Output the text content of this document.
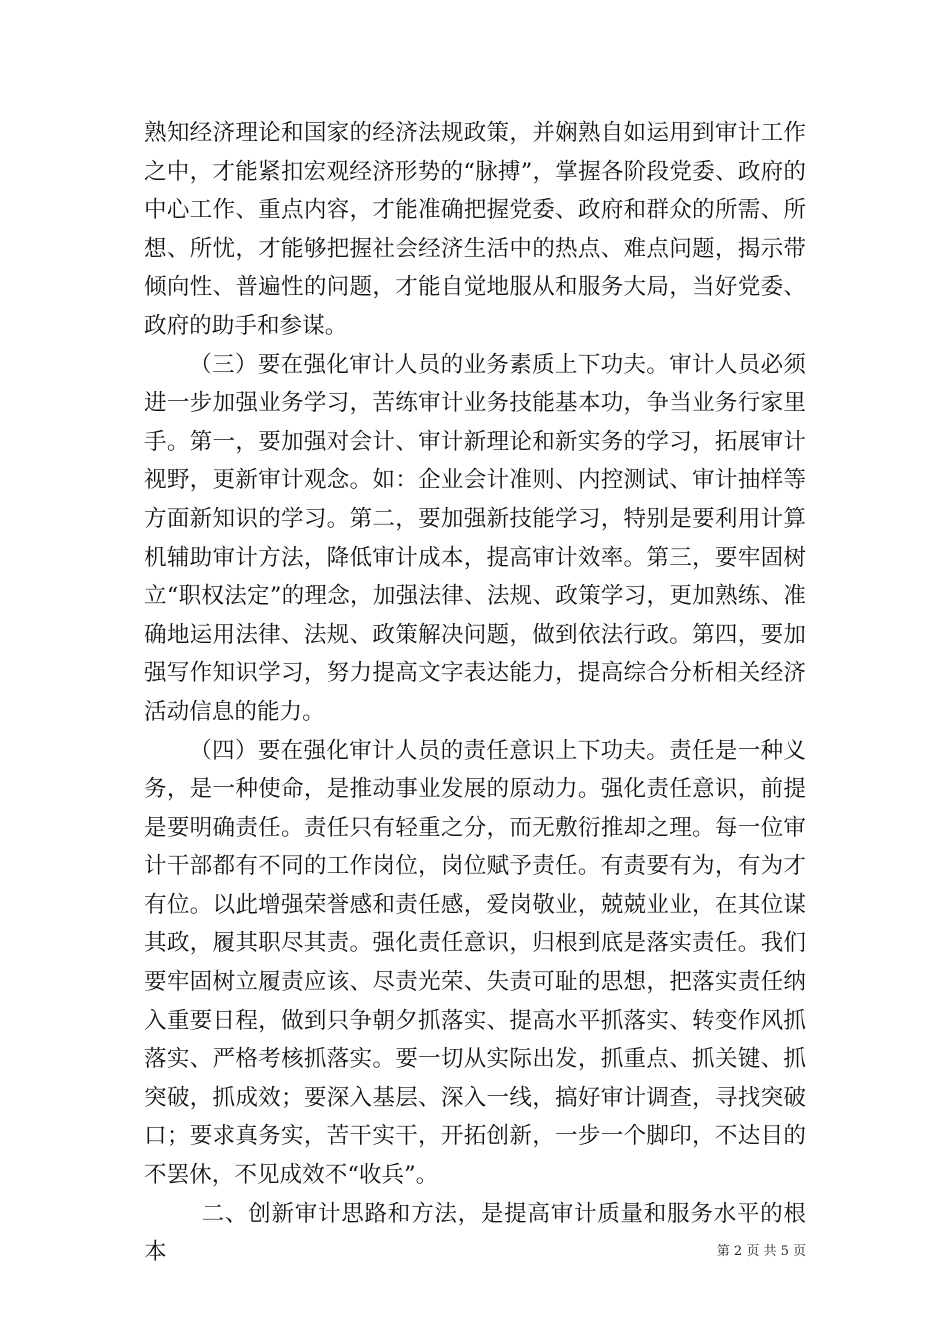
熟知经济理论和国家的经济法规政策，并娴熟自如运用到审计工作之中，才能紧扣宏观经济形势的“脉搏”，掌握各阶段党委、政府的中心工作、重点内容，才能准确把握党委、政府和群众的所需、所想、所忧，才能够把握社会经济生活中的热点、难点问题，揭示带倾向性、普遍性的问题，才能自觉地服从和服务大局，当好党委、政府的助手和参谋。

（三）要在强化审计人员的业务素质上下功夫。审计人员必须进一步加强业务学习，苦练审计业务技能基本功，争当业务行家里手。第一，要加强对会计、审计新理论和新实务的学习，拓展审计视野，更新审计观念。如：企业会计准则、内控测试、审计抽样等方面新知识的学习。第二，要加强新技能学习，特别是要利用计算机辅助审计方法，降低审计成本，提高审计效率。第三，要牢固树立“职权法定”的理念，加强法律、法规、政策学习，更加熟练、准确地运用法律、法规、政策解决问题，做到依法行政。第四，要加强写作知识学习，努力提高文字表达能力，提高综合分析相关经济活动信息的能力。

（四）要在强化审计人员的责任意识上下功夫。责任是一种义务，是一种使命，是推动事业发展的原动力。强化责任意识，前提是要明确责任。责任只有轻重之分，而无敷衍推却之理。每一位审计干部都有不同的工作岗位，岗位赋予责任。有责要有为，有为才有位。以此增强荣誉感和责任感，爱岗敬业，兢兢业业，在其位谋其政，履其职尽其责。强化责任意识，归根到底是落实责任。我们要牢固树立履责应该、尽责光荣、失责可耻的思想，把落实责任纳入重要日程，做到只争朝夕抓落实、提高水平抓落实、转变作风抓落实、严格考核抓落实。要一切从实际出发，抓重点、抓关键、抓突破，抓成效；要深入基层、深入一线，搞好审计调查，寻找突破口；要求真务实，苦干实干，开拓创新，一步一个脚印，不达目的不罢休，不见成效不“收兵”。

二、创新审计思路和方法，是提高审计质量和服务水平的根本	第 2 页 共 5 页
